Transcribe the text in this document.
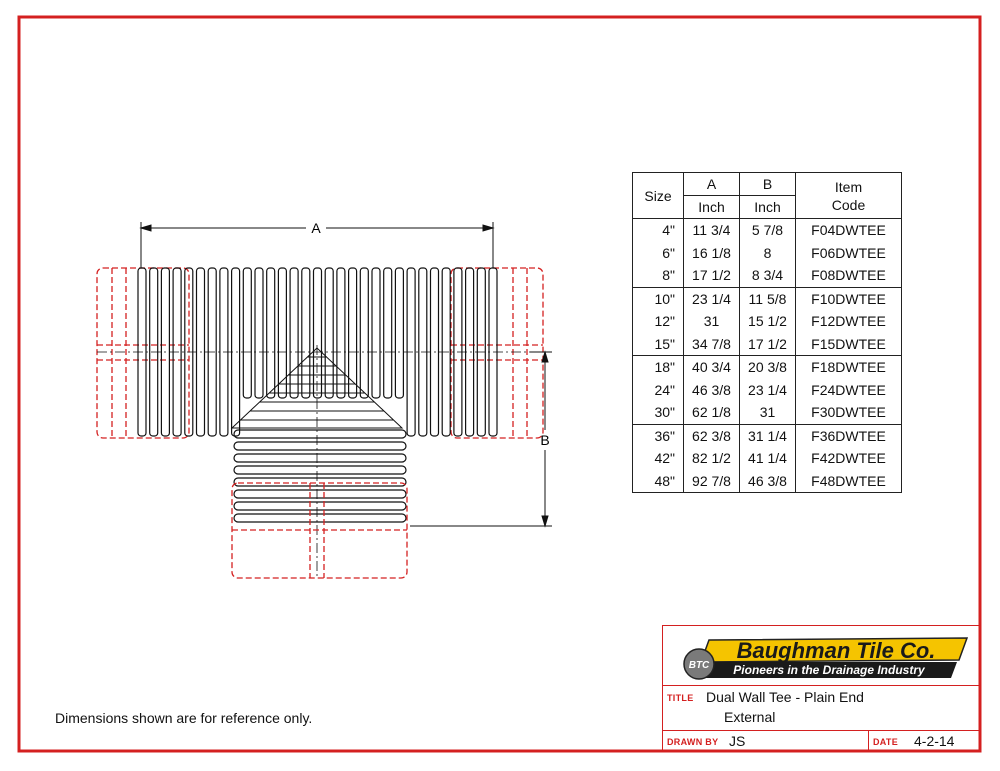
A
B
Size	A	B	Item
Code
	Inch	Inch	
4"	11 3/4	5 7/8	F04DWTEE
6"	16 1/8	8	F06DWTEE
8"	17 1/2	8 3/4	F08DWTEE
10"	23 1/4	11 5/8	F10DWTEE
12"	31	15 1/2	F12DWTEE
15"	34 7/8	17 1/2	F15DWTEE
18"	40 3/4	20 3/8	F18DWTEE
24"	46 3/8	23 1/4	F24DWTEE
30"	62 1/8	31	F30DWTEE
36"	62 3/8	31 1/4	F36DWTEE
42"	82 1/2	41 1/4	F42DWTEE
48"	92 7/8	46 3/8	F48DWTEE
Dimensions shown are for reference only.
BTC
Baughman Tile Co.
Pioneers in the Drainage Industry
TITLE Dual Wall Tee - Plain End
External
DRAWN BY JS	DATE 4-2-14
